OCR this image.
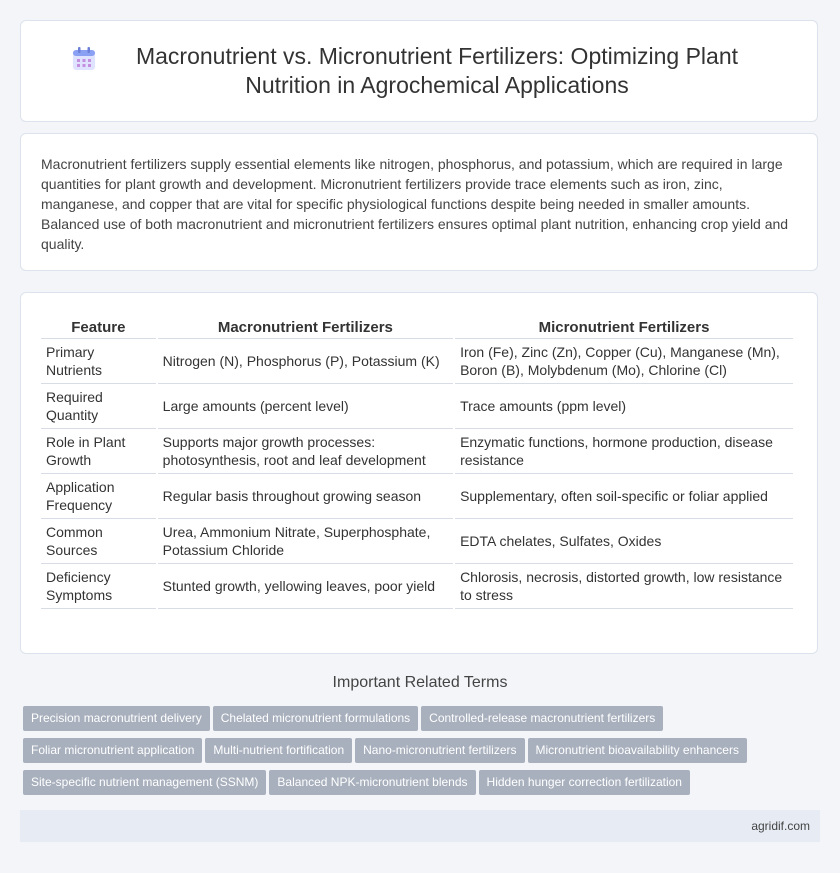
Macronutrient vs. Micronutrient Fertilizers: Optimizing Plant Nutrition in Agrochemical Applications

Macronutrient fertilizers supply essential elements like nitrogen, phosphorus, and potassium, which are required in large quantities for plant growth and development. Micronutrient fertilizers provide trace elements such as iron, zinc, manganese, and copper that are vital for specific physiological functions despite being needed in smaller amounts. Balanced use of both macronutrient and micronutrient fertilizers ensures optimal plant nutrition, enhancing crop yield and quality.

Feature	Macronutrient Fertilizers	Micronutrient Fertilizers
Primary Nutrients	Nitrogen (N), Phosphorus (P), Potassium (K)	Iron (Fe), Zinc (Zn), Copper (Cu), Manganese (Mn), Boron (B), Molybdenum (Mo), Chlorine (Cl)
Required Quantity	Large amounts (percent level)	Trace amounts (ppm level)
Role in Plant Growth	Supports major growth processes: photosynthesis, root and leaf development	Enzymatic functions, hormone production, disease resistance
Application Frequency	Regular basis throughout growing season	Supplementary, often soil-specific or foliar applied
Common Sources	Urea, Ammonium Nitrate, Superphosphate, Potassium Chloride	EDTA chelates, Sulfates, Oxides
Deficiency Symptoms	Stunted growth, yellowing leaves, poor yield	Chlorosis, necrosis, distorted growth, low resistance to stress
Important Related Terms
Precision macronutrient delivery Chelated micronutrient formulations Controlled-release macronutrient fertilizers
Foliar micronutrient application Multi-nutrient fortification Nano-micronutrient fertilizers Micronutrient bioavailability enhancers
Site-specific nutrient management (SSNM) Balanced NPK-micronutrient blends Hidden hunger correction fertilization
agridif.com
